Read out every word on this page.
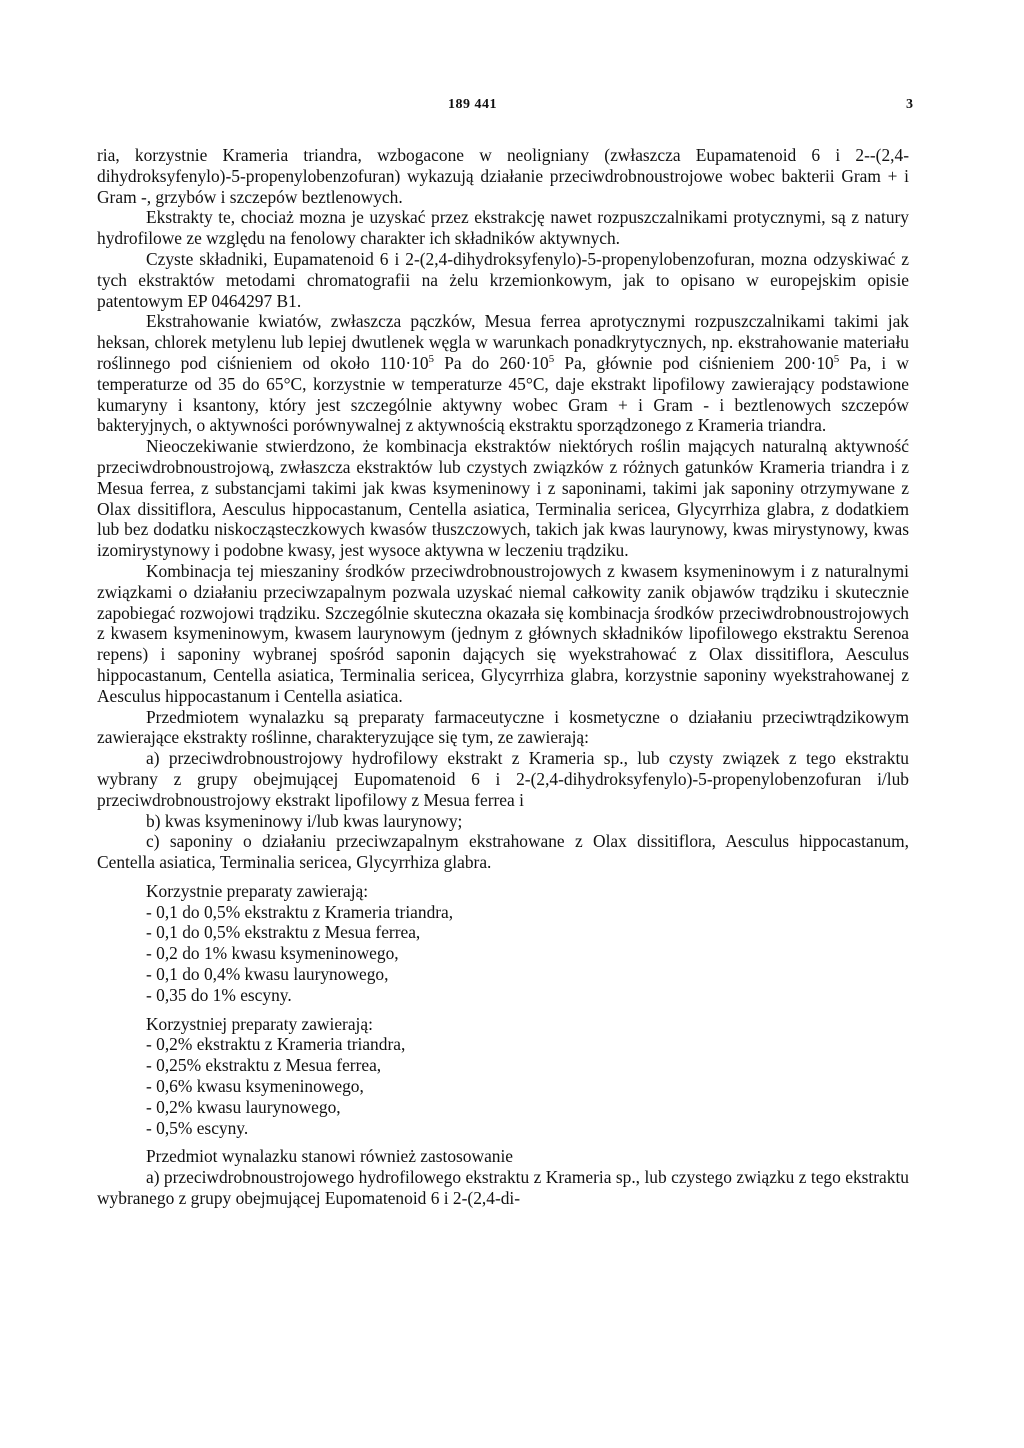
189 441	3

ria, korzystnie Krameria triandra, wzbogacone w neoligniany (zwłaszcza Eupamatenoid 6 i 2--(2,4-dihydroksyfenylo)-5-propenylobenzofuran) wykazują działanie przeciwdrobnoustrojowe wobec bakterii Gram + i Gram -, grzybów i szczepów beztlenowych.

Ekstrakty te, chociaż mozna je uzyskać przez ekstrakcję nawet rozpuszczalnikami protycznymi, są z natury hydrofilowe ze względu na fenolowy charakter ich składników aktywnych.

Czyste składniki, Eupamatenoid 6 i 2-(2,4-dihydroksyfenylo)-5-propenylobenzofuran, mozna odzyskiwać z tych ekstraktów metodami chromatografii na żelu krzemionkowym, jak to opisano w europejskim opisie patentowym EP 0464297 B1.

Ekstrahowanie kwiatów, zwłaszcza pączków, Mesua ferrea aprotycznymi rozpuszczalnikami takimi jak heksan, chlorek metylenu lub lepiej dwutlenek węgla w warunkach ponadkrytycznych, np. ekstrahowanie materiału roślinnego pod ciśnieniem od około $110\cdot 10^5$ Pa do $260\cdot 10^5$ Pa, głównie pod ciśnieniem $200\cdot 10^5$ Pa, i w temperaturze od 35 do 65°C, korzystnie w temperaturze 45°C, daje ekstrakt lipofilowy zawierający podstawione kumaryny i ksantony, który jest szczególnie aktywny wobec Gram + i Gram - i beztlenowych szczepów bakteryjnych, o aktywności porównywalnej z aktywnością ekstraktu sporządzonego z Krameria triandra.

Nieoczekiwanie stwierdzono, że kombinacja ekstraktów niektórych roślin mających naturalną aktywność przeciwdrobnoustrojową, zwłaszcza ekstraktów lub czystych związków z różnych gatunków Krameria triandra i z Mesua ferrea, z substancjami takimi jak kwas ksymeninowy i z saponinami, takimi jak saponiny otrzymywane z Olax dissitiflora, Aesculus hippocastanum, Centella asiatica, Terminalia sericea, Glycyrrhiza glabra, z dodatkiem lub bez dodatku niskocząsteczkowych kwasów tłuszczowych, takich jak kwas laurynowy, kwas mirystynowy, kwas izomirystynowy i podobne kwasy, jest wysoce aktywna w leczeniu trądziku.

Kombinacja tej mieszaniny środków przeciwdrobnoustrojowych z kwasem ksymeninowym i z naturalnymi związkami o działaniu przeciwzapalnym pozwala uzyskać niemal całkowity zanik objawów trądziku i skutecznie zapobiegać rozwojowi trądziku. Szczególnie skuteczna okazała się kombinacja środków przeciwdrobnoustrojowych z kwasem ksymeninowym, kwasem laurynowym (jednym z głównych składników lipofilowego ekstraktu Serenoa repens) i saponiny wybranej spośród saponin dających się wyekstrahować z Olax dissitiflora, Aesculus hippocastanum, Centella asiatica, Terminalia sericea, Glycyrrhiza glabra, korzystnie saponiny wyekstrahowanej z Aesculus hippocastanum i Centella asiatica.

Przedmiotem wynalazku są preparaty farmaceutyczne i kosmetyczne o działaniu przeciwtrądzikowym zawierające ekstrakty roślinne, charakteryzujące się tym, ze zawierają:

a) przeciwdrobnoustrojowy hydrofilowy ekstrakt z Krameria sp., lub czysty związek z tego ekstraktu wybrany z grupy obejmującej Eupomatenoid 6 i 2-(2,4-dihydroksyfenylo)-5-propenylobenzofuran i/lub przeciwdrobnoustrojowy ekstrakt lipofilowy z Mesua ferrea i

b) kwas ksymeninowy i/lub kwas laurynowy;

c) saponiny o działaniu przeciwzapalnym ekstrahowane z Olax dissitiflora, Aesculus hippocastanum, Centella asiatica, Terminalia sericea, Glycyrrhiza glabra.

Korzystnie preparaty zawierają:
- 0,1 do 0,5% ekstraktu z Krameria triandra,
- 0,1 do 0,5% ekstraktu z Mesua ferrea,
- 0,2 do 1% kwasu ksymeninowego,
- 0,1 do 0,4% kwasu laurynowego,
- 0,35 do 1% escyny.
Korzystniej preparaty zawierają:
- 0,2% ekstraktu z Krameria triandra,
- 0,25% ekstraktu z Mesua ferrea,
- 0,6% kwasu ksymeninowego,
- 0,2% kwasu laurynowego,
- 0,5% escyny.
Przedmiot wynalazku stanowi również zastosowanie

a) przeciwdrobnoustrojowego hydrofilowego ekstraktu z Krameria sp., lub czystego związku z tego ekstraktu wybranego z grupy obejmującej Eupomatenoid 6 i 2-(2,4-di-
